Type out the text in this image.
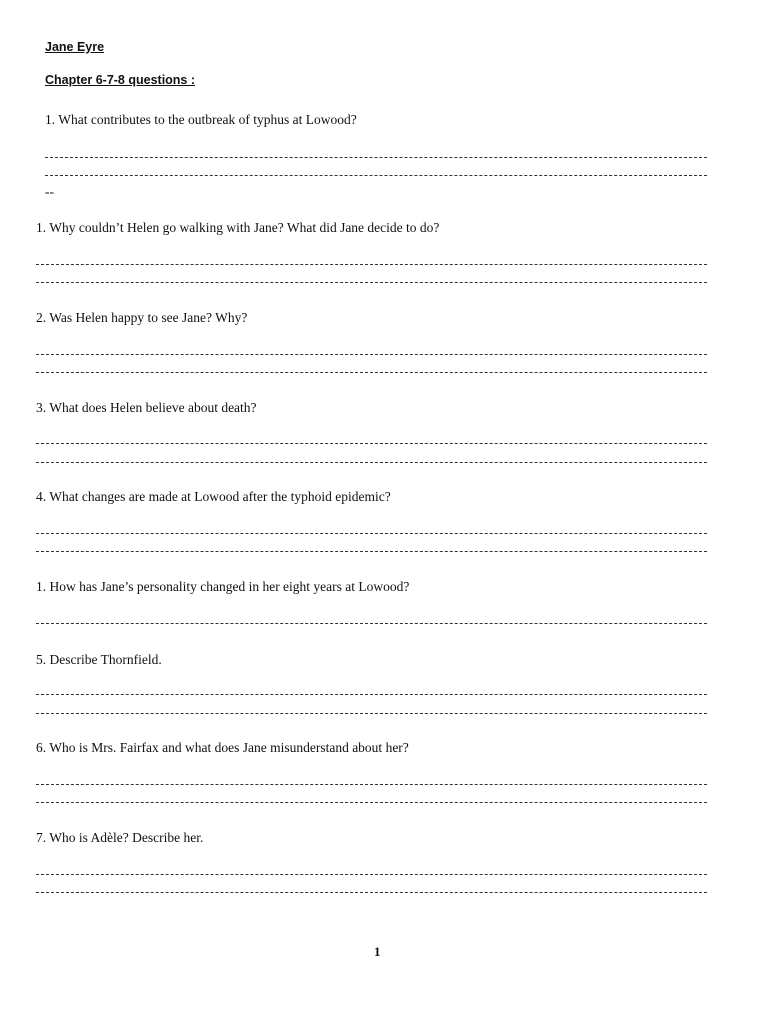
Jane Eyre
Chapter 6-7-8 questions :
1. What contributes to the outbreak of typhus at Lowood?
--
1. Why couldn’t Helen go walking with Jane? What did Jane decide to do?
2. Was Helen happy to see Jane? Why?
3. What does Helen believe about death?
4. What changes are made at Lowood after the typhoid epidemic?
1. How has Jane’s personality changed in her eight years at Lowood?
5. Describe Thornfield.
6. Who is Mrs. Fairfax and what does Jane misunderstand about her?
7. Who is Adèle? Describe her.
1
